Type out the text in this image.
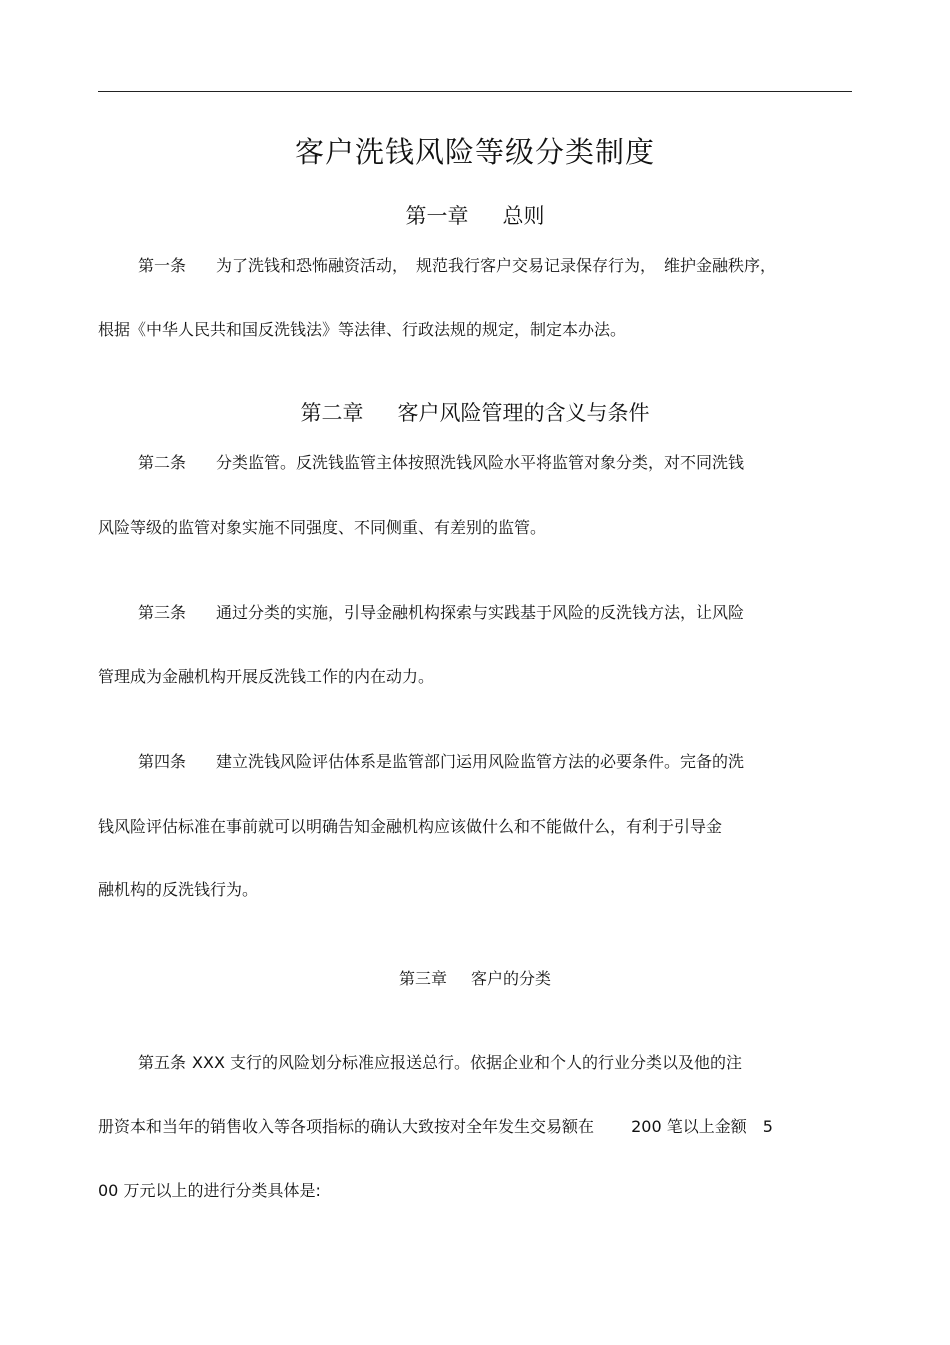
客户洗钱风险等级分类制度
第一章 总则
第一条 为了洗钱和恐怖融资活动，　规范我行客户交易记录保存行为，　维护金融秩序，
根据《中华人民共和国反洗钱法》等法律、行政法规的规定，制定本办法。
第二章 客户风险管理的含义与条件
第二条 分类监管。反洗钱监管主体按照洗钱风险水平将监管对象分类，对不同洗钱
风险等级的监管对象实施不同强度、不同侧重、有差别的监管。
第三条 通过分类的实施，引导金融机构探索与实践基于风险的反洗钱方法，让风险
管理成为金融机构开展反洗钱工作的内在动力。
第四条 建立洗钱风险评估体系是监管部门运用风险监管方法的必要条件。完备的洗
钱风险评估标准在事前就可以明确告知金融机构应该做什么和不能做什么，有利于引导金
融机构的反洗钱行为。
第三章 客户的分类
第五条 XXX 支行的风险划分标准应报送总行。依据企业和个人的行业分类以及他的注
册资本和当年的销售收入等各项指标的确认大致按对全年发生交易额在　　 200 笔以上金额　5
00 万元以上的进行分类具体是:
